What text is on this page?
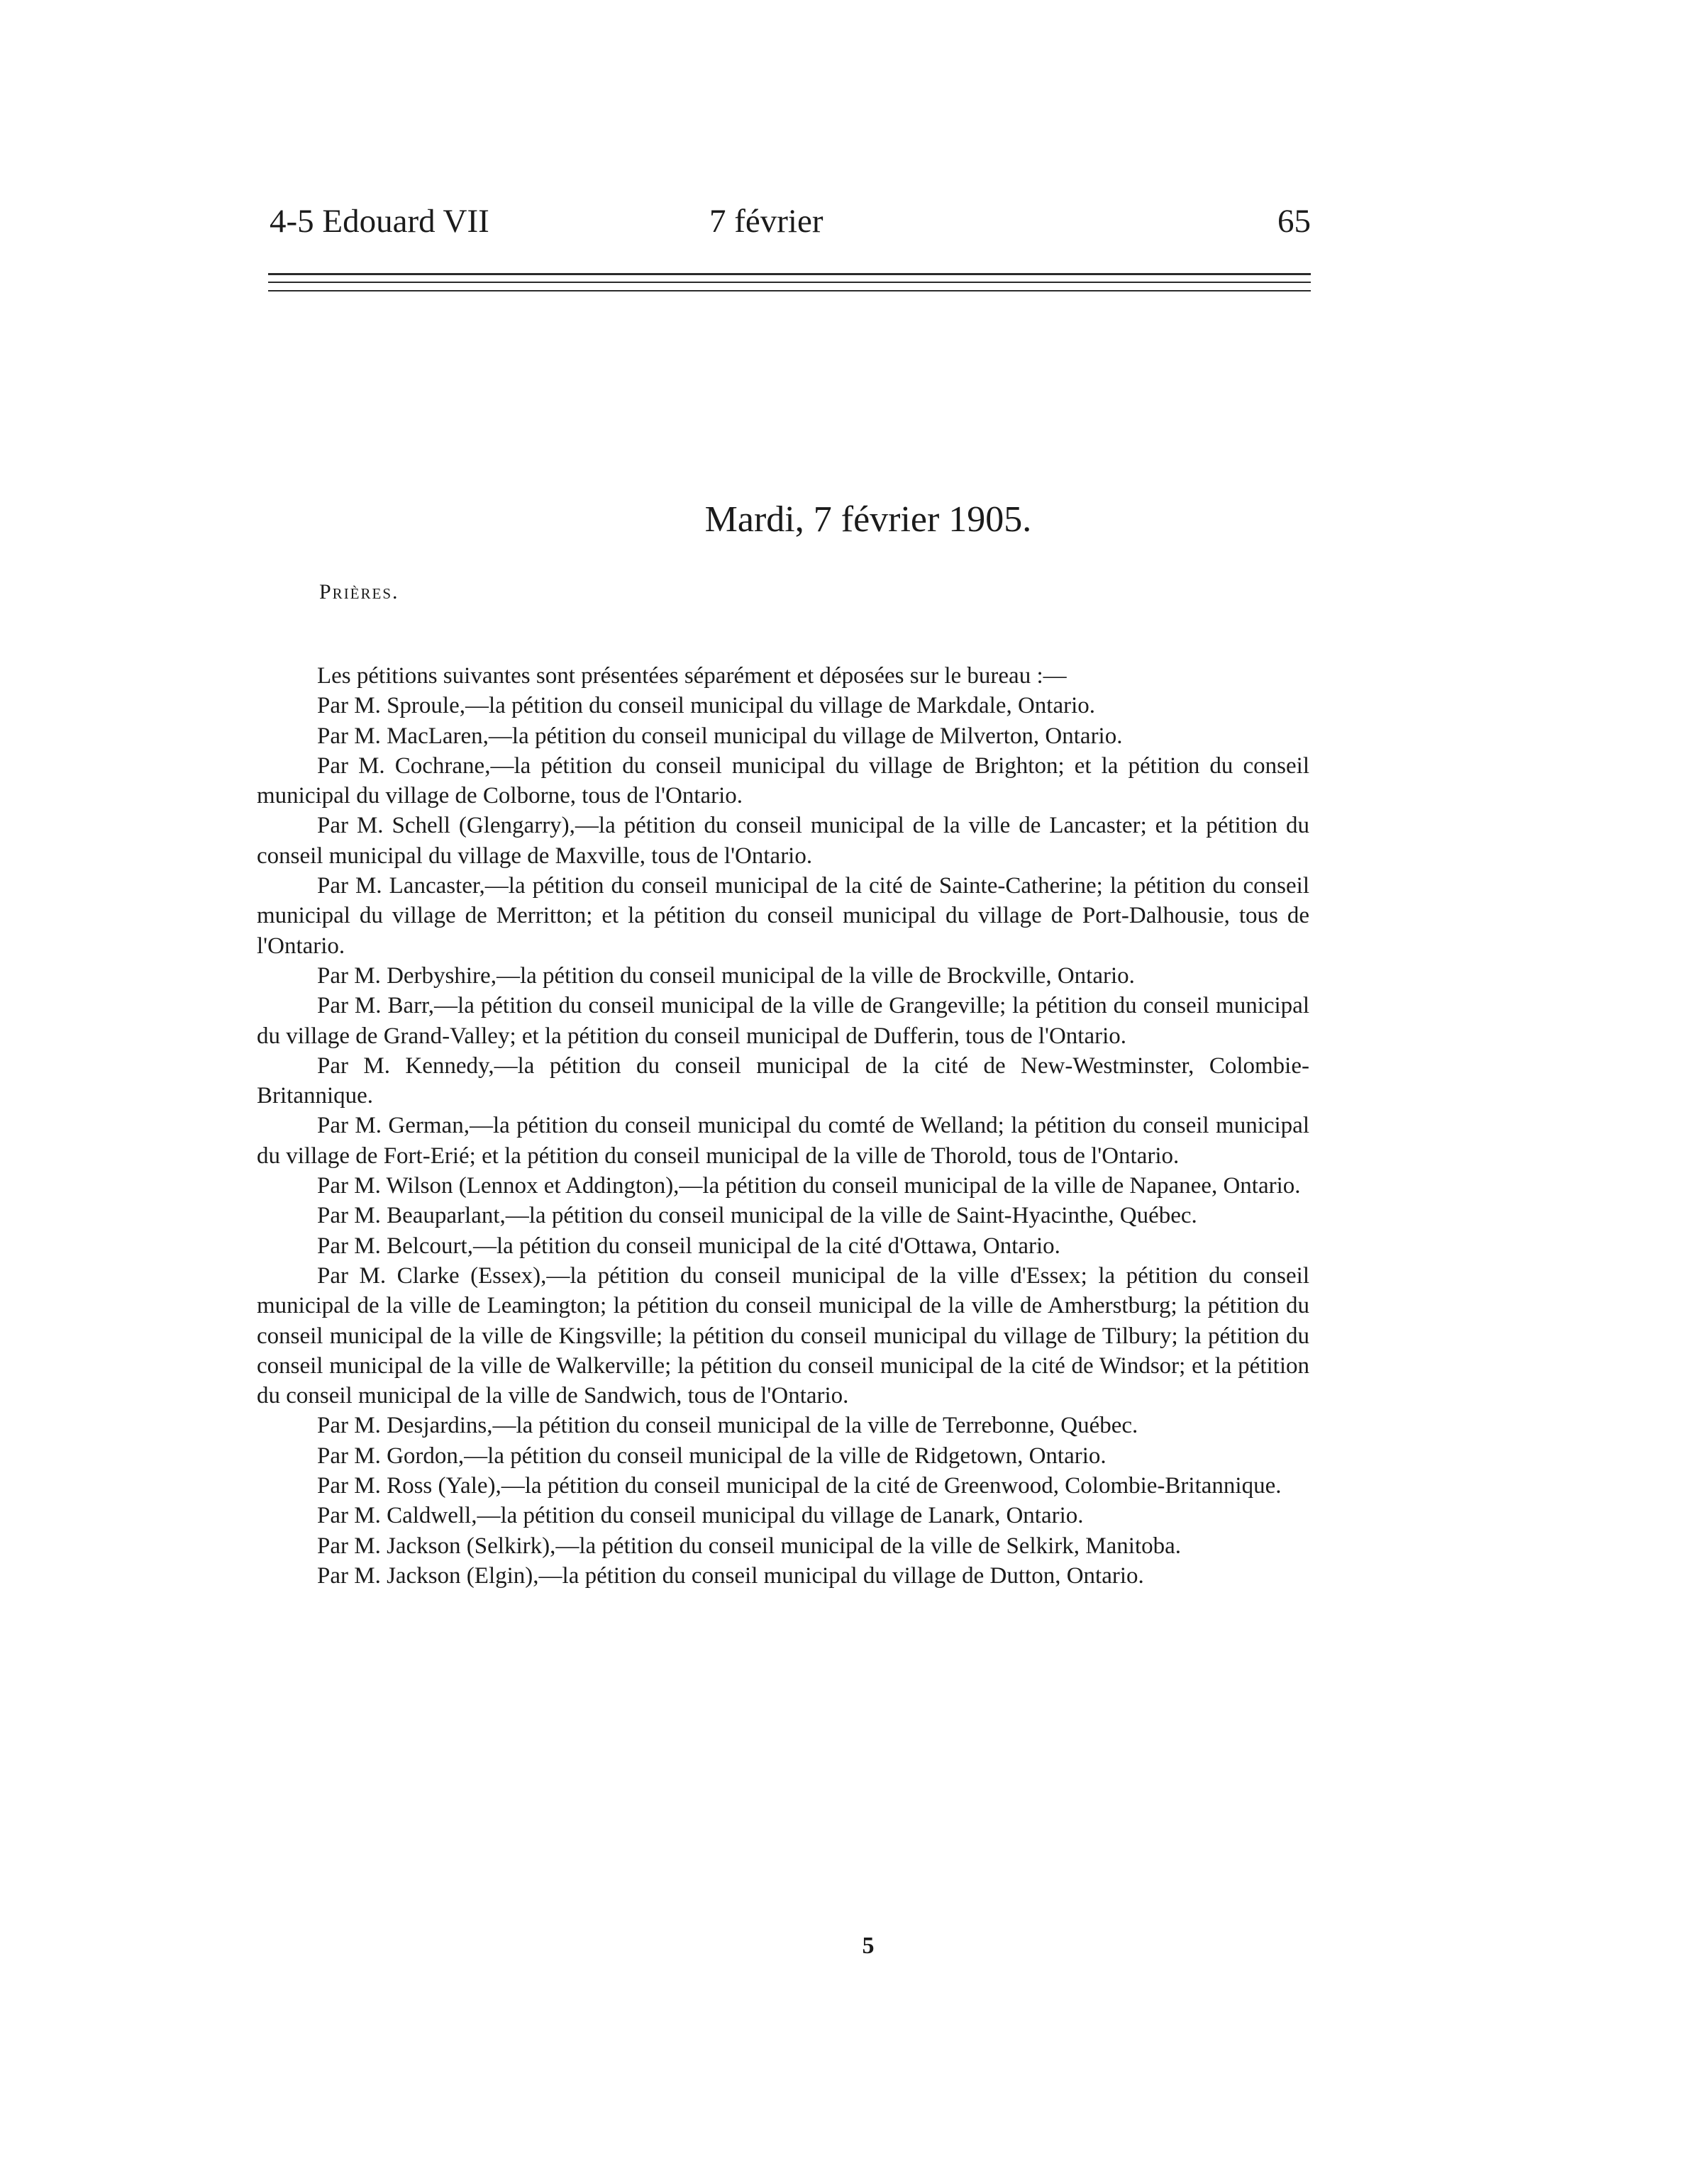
4-5 Edouard VII	7 février	65
Mardi, 7 février 1905.
Prières.

Les pétitions suivantes sont présentées séparément et déposées sur le bureau :—

Par M. Sproule,—la pétition du conseil municipal du village de Markdale, Ontario.

Par M. MacLaren,—la pétition du conseil municipal du village de Milverton, Ontario.

Par M. Cochrane,—la pétition du conseil municipal du village de Brighton; et la pétition du conseil municipal du village de Colborne, tous de l'Ontario.

Par M. Schell (Glengarry),—la pétition du conseil municipal de la ville de Lancaster; et la pétition du conseil municipal du village de Maxville, tous de l'Ontario.

Par M. Lancaster,—la pétition du conseil municipal de la cité de Sainte-Catherine; la pétition du conseil municipal du village de Merritton; et la pétition du conseil municipal du village de Port-Dalhousie, tous de l'Ontario.

Par M. Derbyshire,—la pétition du conseil municipal de la ville de Brockville, Ontario.

Par M. Barr,—la pétition du conseil municipal de la ville de Grangeville; la pétition du conseil municipal du village de Grand-Valley; et la pétition du conseil municipal de Dufferin, tous de l'Ontario.

Par M. Kennedy,—la pétition du conseil municipal de la cité de New-Westminster, Colombie-Britannique.

Par M. German,—la pétition du conseil municipal du comté de Welland; la pétition du conseil municipal du village de Fort-Erié; et la pétition du conseil municipal de la ville de Thorold, tous de l'Ontario.

Par M. Wilson (Lennox et Addington),—la pétition du conseil municipal de la ville de Napanee, Ontario.

Par M. Beauparlant,—la pétition du conseil municipal de la ville de Saint-Hyacinthe, Québec.

Par M. Belcourt,—la pétition du conseil municipal de la cité d'Ottawa, Ontario.

Par M. Clarke (Essex),—la pétition du conseil municipal de la ville d'Essex; la pétition du conseil municipal de la ville de Leamington; la pétition du conseil municipal de la ville de Amherstburg; la pétition du conseil municipal de la ville de Kingsville; la pétition du conseil municipal du village de Tilbury; la pétition du conseil municipal de la ville de Walkerville; la pétition du conseil municipal de la cité de Windsor; et la pétition du conseil municipal de la ville de Sandwich, tous de l'Ontario.

Par M. Desjardins,—la pétition du conseil municipal de la ville de Terrebonne, Québec.

Par M. Gordon,—la pétition du conseil municipal de la ville de Ridgetown, Ontario.

Par M. Ross (Yale),—la pétition du conseil municipal de la cité de Greenwood, Colombie-Britannique.

Par M. Caldwell,—la pétition du conseil municipal du village de Lanark, Ontario.

Par M. Jackson (Selkirk),—la pétition du conseil municipal de la ville de Selkirk, Manitoba.

Par M. Jackson (Elgin),—la pétition du conseil municipal du village de Dutton, Ontario.

5
